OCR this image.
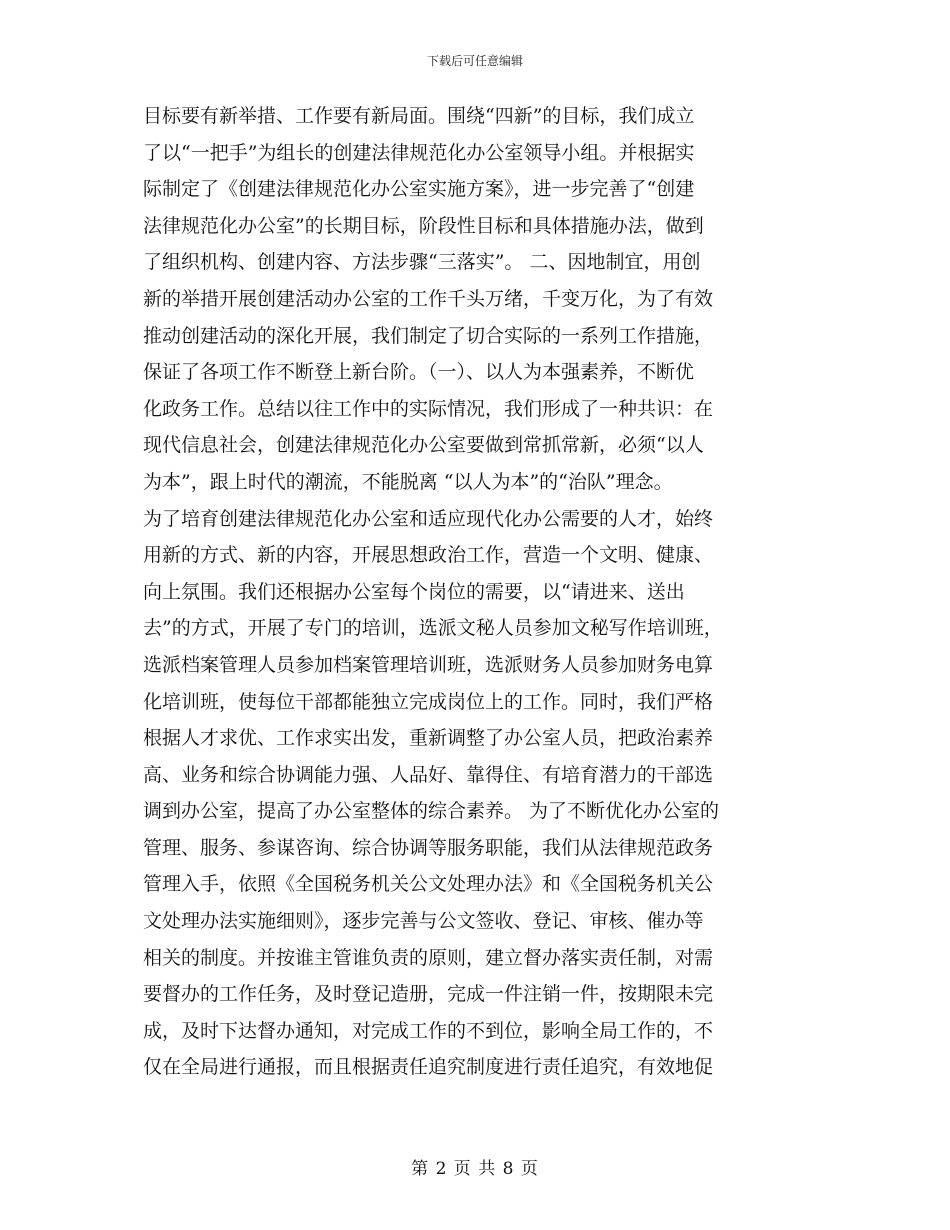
下载后可任意编辑
目标要有新举措、工作要有新局面。围绕“四新”的目标，我们成立
了以“一把手”为组长的创建法律规范化办公室领导小组。并根据实
际制定了《创建法律规范化办公室实施方案》，进一步完善了“创建
法律规范化办公室”的长期目标，阶段性目标和具体措施办法，做到
了组织机构、创建内容、方法步骤“三落实”。 二、因地制宜，用创
新的举措开展创建活动办公室的工作千头万绪，千变万化，为了有效
推动创建活动的深化开展，我们制定了切合实际的一系列工作措施，
保证了各项工作不断登上新台阶。（一）、以人为本强素养，不断优
化政务工作。总结以往工作中的实际情况，我们形成了一种共识：在
现代信息社会，创建法律规范化办公室要做到常抓常新，必须“以人
为本”，跟上时代的潮流，不能脱离 “以人为本”的“治队”理念。
为了培育创建法律规范化办公室和适应现代化办公需要的人才，始终
用新的方式、新的内容，开展思想政治工作，营造一个文明、健康、
向上氛围。我们还根据办公室每个岗位的需要，以“请进来、送出
去”的方式，开展了专门的培训，选派文秘人员参加文秘写作培训班，
选派档案管理人员参加档案管理培训班，选派财务人员参加财务电算
化培训班，使每位干部都能独立完成岗位上的工作。同时，我们严格
根据人才求优、工作求实出发，重新调整了办公室人员，把政治素养
高、业务和综合协调能力强、人品好、靠得住、有培育潜力的干部选
调到办公室，提高了办公室整体的综合素养。 为了不断优化办公室的
管理、服务、参谋咨询、综合协调等服务职能，我们从法律规范政务
管理入手，依照《全国税务机关公文处理办法》和《全国税务机关公
文处理办法实施细则》，逐步完善与公文签收、登记、审核、催办等
相关的制度。并按谁主管谁负责的原则，建立督办落实责任制，对需
要督办的工作任务，及时登记造册，完成一件注销一件，按期限未完
成，及时下达督办通知，对完成工作的不到位，影响全局工作的，不
仅在全局进行通报，而且根据责任追究制度进行责任追究，有效地促
第 2 页 共 8 页
